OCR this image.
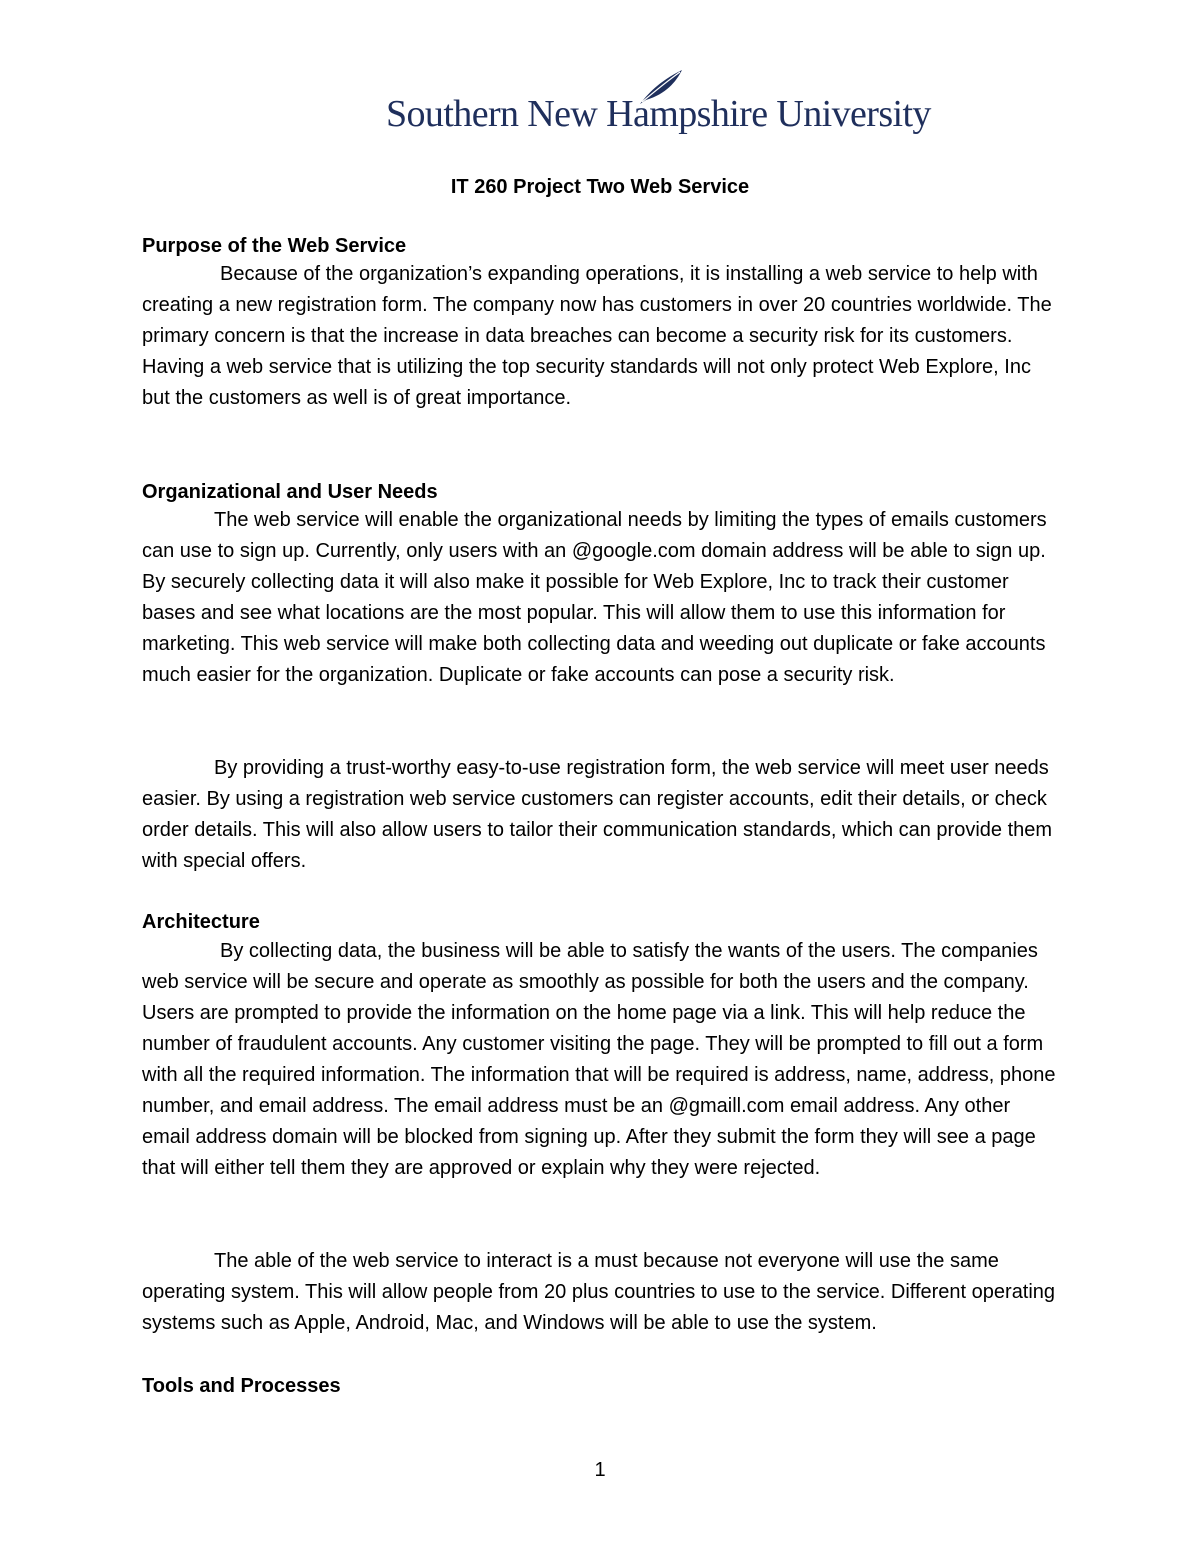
Southern New Hampshire University
IT 260 Project Two Web Service
Purpose of the Web Service

Because of the organization’s expanding operations, it is installing a web service to help with creating a new registration form. The company now has customers in over 20 countries worldwide. The primary concern is that the increase in data breaches can become a security risk for its customers. Having a web service that is utilizing the top security standards will not only protect Web Explore, Inc but the customers as well is of great importance.

Organizational and User Needs

The web service will enable the organizational needs by limiting the types of emails customers can use to sign up. Currently, only users with an @google.com domain address will be able to sign up. By securely collecting data it will also make it possible for Web Explore, Inc to track their customer bases and see what locations are the most popular. This will allow them to use this information for marketing. This web service will make both collecting data and weeding out duplicate or fake accounts much easier for the organization. Duplicate or fake accounts can pose a security risk.

By providing a trust-worthy easy-to-use registration form, the web service will meet user needs easier. By using a registration web service customers can register accounts, edit their details, or check order details. This will also allow users to tailor their communication standards, which can provide them with special offers.

Architecture

By collecting data, the business will be able to satisfy the wants of the users. The companies web service will be secure and operate as smoothly as possible for both the users and the company. Users are prompted to provide the information on the home page via a link. This will help reduce the number of fraudulent accounts. Any customer visiting the page. They will be prompted to fill out a form with all the required information. The information that will be required is address, name, address, phone number, and email address. The email address must be an @gmaill.com email address. Any other email address domain will be blocked from signing up. After they submit the form they will see a page that will either tell them they are approved or explain why they were rejected.

The able of the web service to interact is a must because not everyone will use the same operating system. This will allow people from 20 plus countries to use to the service. Different operating systems such as Apple, Android, Mac, and Windows will be able to use the system.

Tools and Processes
1
